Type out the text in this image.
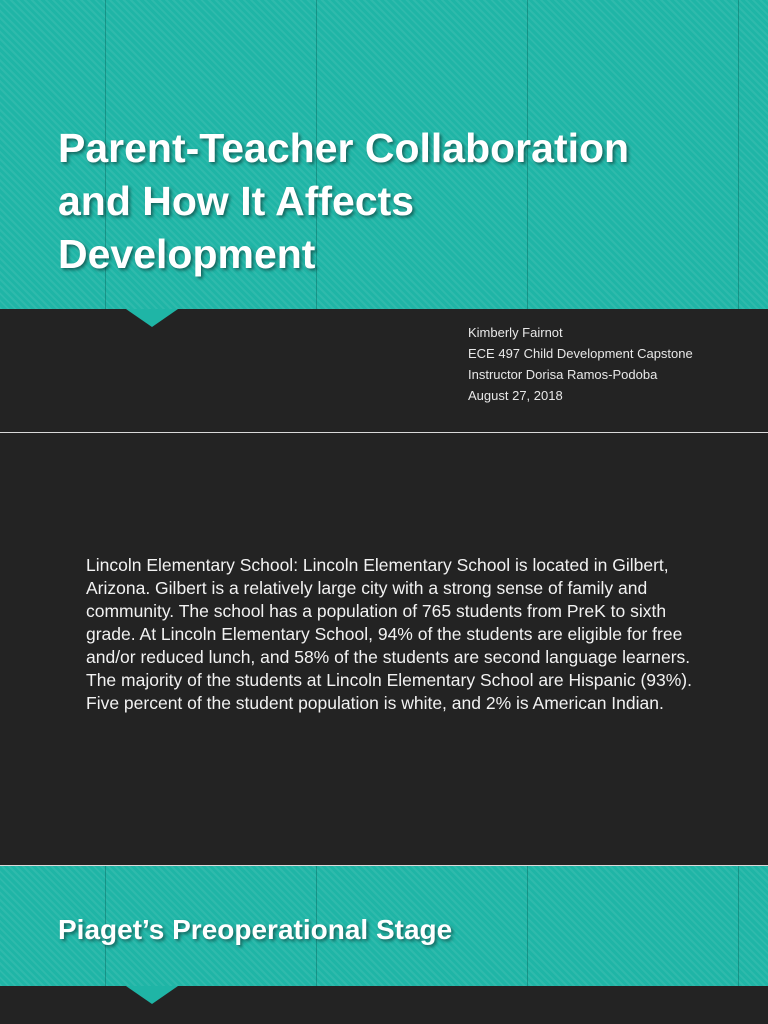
Parent-Teacher Collaboration
and How It Affects
Development
Kimberly Fairnot
ECE 497 Child Development Capstone
Instructor Dorisa Ramos-Podoba
August 27, 2018
Lincoln Elementary School: Lincoln Elementary School is located in Gilbert, Arizona. Gilbert is a relatively large city with a strong sense of family and community. The school has a population of 765 students from PreK to sixth grade. At Lincoln Elementary School, 94% of the students are eligible for free and/or reduced lunch, and 58% of the students are second language learners. The majority of the students at Lincoln Elementary School are Hispanic (93%). Five percent of the student population is white, and 2% is American Indian.
Piaget’s Preoperational Stage
